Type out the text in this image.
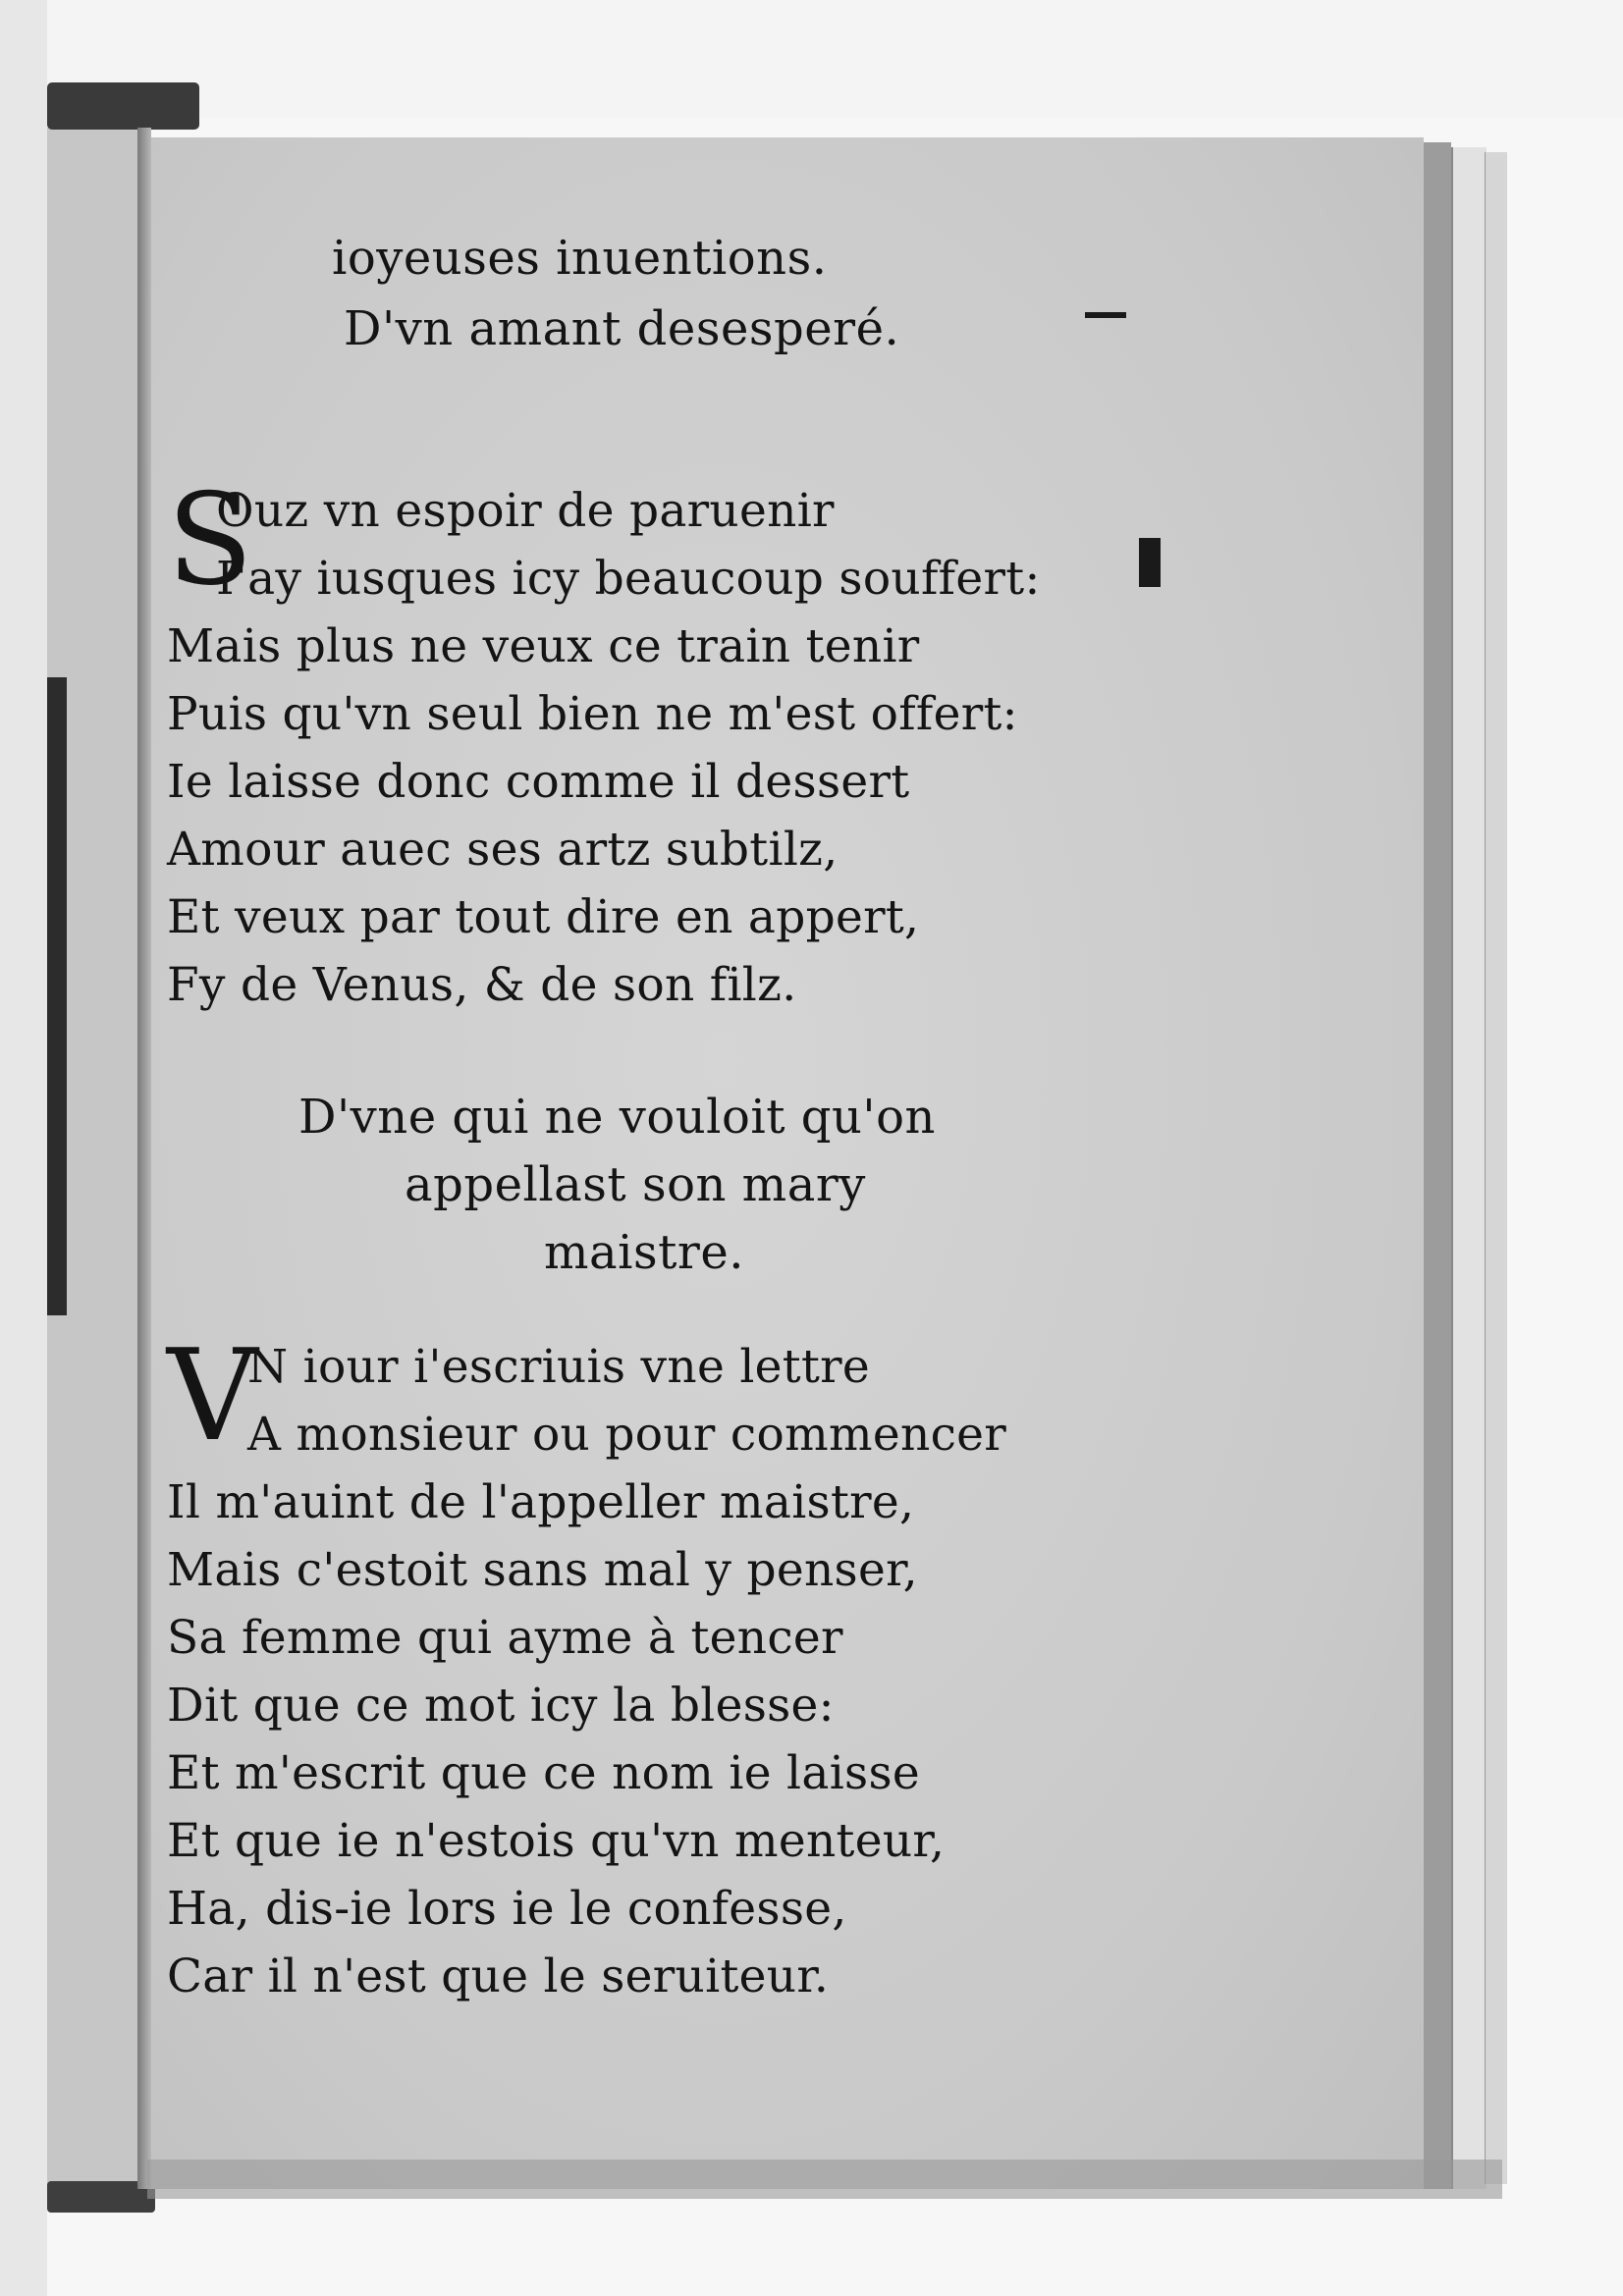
ioyeuses inuentions.
D'vn amant desesperé.
S
Ouz vn espoir de paruenir
I'ay iusques icy beaucoup souffert:
Mais plus ne veux ce train tenir
Puis qu'vn seul bien ne m'est offert:
Ie laisse donc comme il dessert
Amour auec ses artz subtilz,
Et veux par tout dire en appert,
Fy de Venus, & de son filz.
D'vne qui ne vouloit qu'on
appellast son mary
maistre.
V
N iour i'escriuis vne lettre
A monsieur ou pour commencer
Il m'auint de l'appeller maistre,
Mais c'estoit sans mal y penser,
Sa femme qui ayme à tencer
Dit que ce mot icy la blesse:
Et m'escrit que ce nom ie laisse
Et que ie n'estois qu'vn menteur,
Ha, dis-ie lors ie le confesse,
Car il n'est que le seruiteur.
